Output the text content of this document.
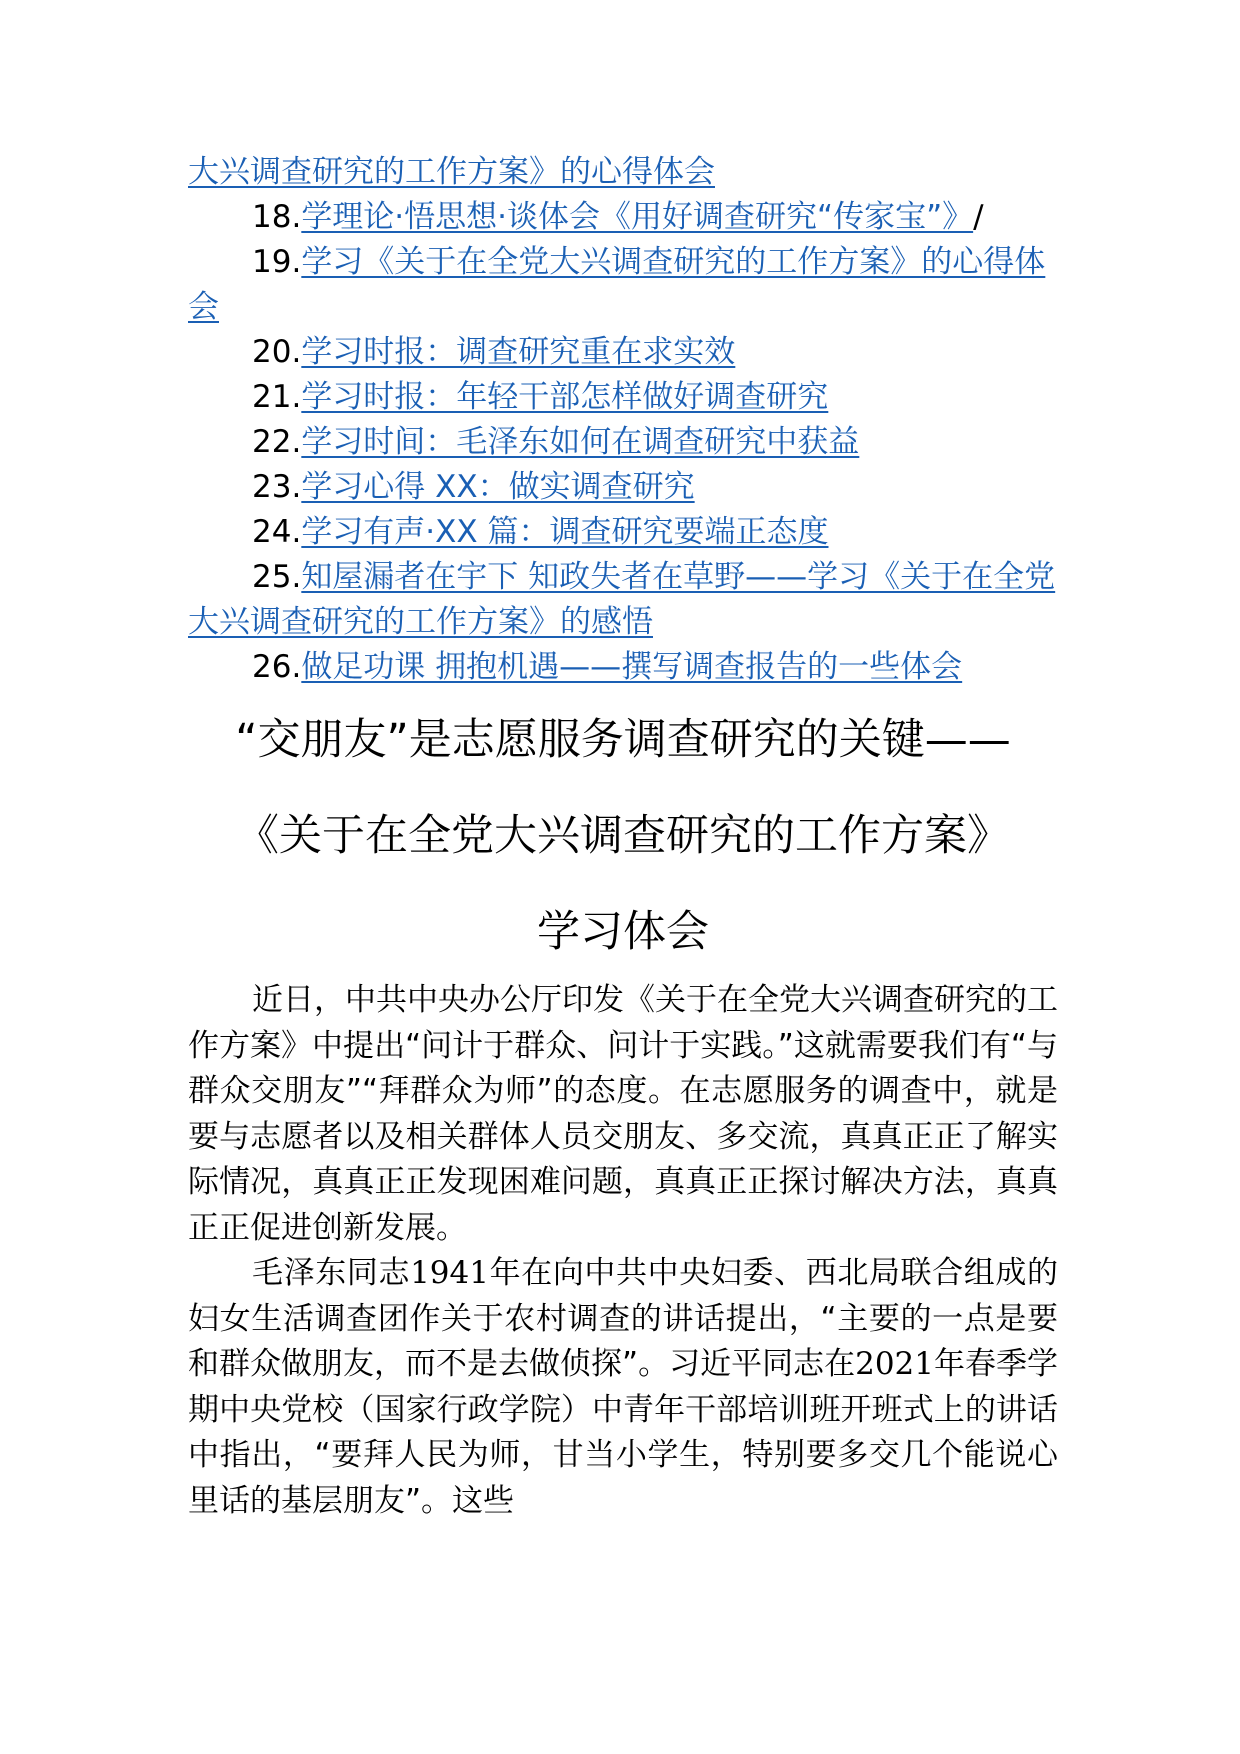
大兴调查研究的工作方案》的心得体会

18.学理论·悟思想·谈体会《用好调查研究“传家宝”》/

19.学习《关于在全党大兴调查研究的工作方案》的心得体会

20.学习时报：调查研究重在求实效

21.学习时报：年轻干部怎样做好调查研究

22.学习时间：毛泽东如何在调查研究中获益

23.学习心得 XX：做实调查研究

24.学习有声·XX 篇：调查研究要端正态度

25.知屋漏者在宇下 知政失者在草野——学习《关于在全党大兴调查研究的工作方案》的感悟

26.做足功课 拥抱机遇——撰写调查报告的一些体会

“交朋友”是志愿服务调查研究的关键——
《关于在全党大兴调查研究的工作方案》
学习体会

近日，中共中央办公厅印发《关于在全党大兴调查研究的工作方案》中提出“问计于群众、问计于实践。”这就需要我们有“与群众交朋友”“拜群众为师”的态度。在志愿服务的调查中，就是要与志愿者以及相关群体人员交朋友、多交流，真真正正了解实际情况，真真正正发现困难问题，真真正正探讨解决方法，真真正正促进创新发展。

毛泽东同志1941年在向中共中央妇委、西北局联合组成的妇女生活调查团作关于农村调查的讲话提出，“主要的一点是要和群众做朋友，而不是去做侦探”。习近平同志在2021年春季学期中央党校（国家行政学院）中青年干部培训班开班式上的讲话中指出，“要拜人民为师，甘当小学生，特别要多交几个能说心里话的基层朋友”。这些
